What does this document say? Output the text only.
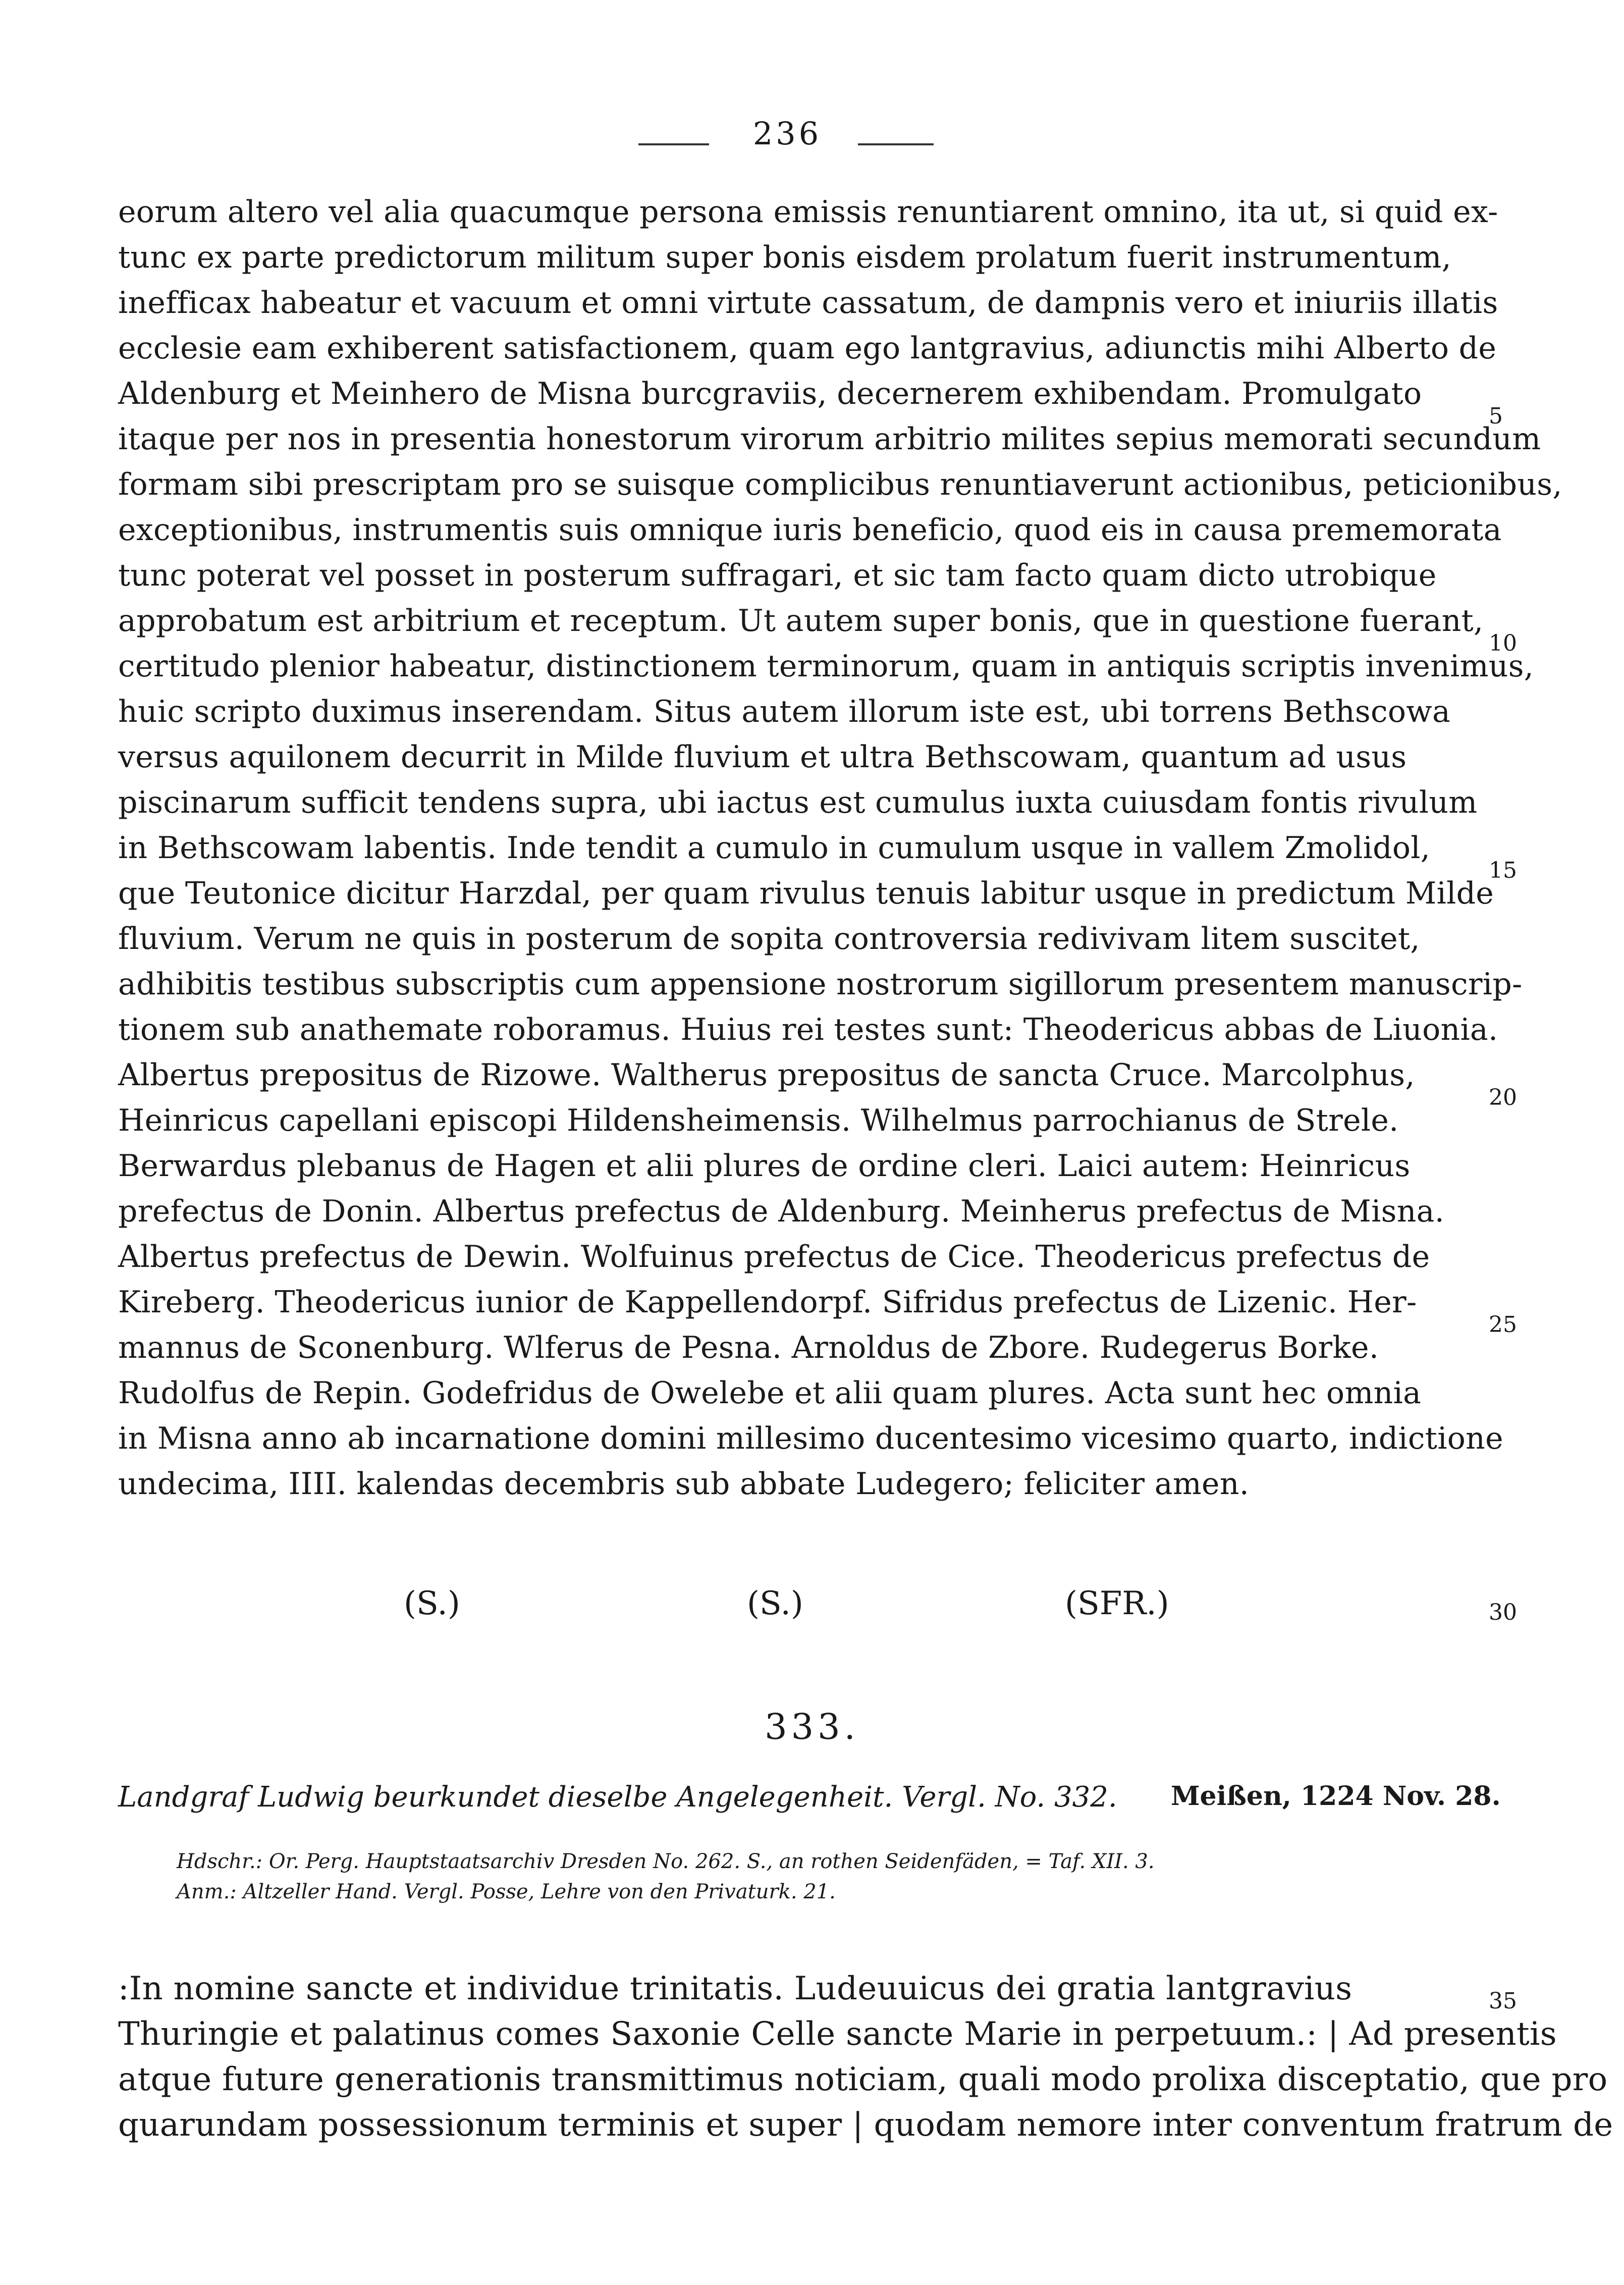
236
eorum altero vel alia quacumque persona emissis renuntiarent omnino, ita ut, si quid ex-
tunc ex parte predictorum militum super bonis eisdem prolatum fuerit instrumentum,
inefficax habeatur et vacuum et omni virtute cassatum, de dampnis vero et iniuriis illatis
ecclesie eam exhiberent satisfactionem, quam ego lantgravius, adiunctis mihi Alberto de
Aldenburg et Meinhero de Misna burcgraviis, decernerem exhibendam. Promulgato
itaque per nos in presentia honestorum virorum arbitrio milites sepius memorati secundum
formam sibi prescriptam pro se suisque complicibus renuntiaverunt actionibus, peticionibus,
exceptionibus, instrumentis suis omnique iuris beneficio, quod eis in causa prememorata
tunc poterat vel posset in posterum suffragari, et sic tam facto quam dicto utrobique
approbatum est arbitrium et receptum. Ut autem super bonis, que in questione fuerant,
certitudo plenior habeatur, distinctionem terminorum, quam in antiquis scriptis invenimus,
huic scripto duximus inserendam. Situs autem illorum iste est, ubi torrens Bethscowa
versus aquilonem decurrit in Milde fluvium et ultra Bethscowam, quantum ad usus
piscinarum sufficit tendens supra, ubi iactus est cumulus iuxta cuiusdam fontis rivulum
in Bethscowam labentis. Inde tendit a cumulo in cumulum usque in vallem Zmolidol,
que Teutonice dicitur Harzdal, per quam rivulus tenuis labitur usque in predictum Milde
fluvium. Verum ne quis in posterum de sopita controversia redivivam litem suscitet,
adhibitis testibus subscriptis cum appensione nostrorum sigillorum presentem manuscrip-
tionem sub anathemate roboramus. Huius rei testes sunt: Theodericus abbas de Liuonia.
Albertus prepositus de Rizowe. Waltherus prepositus de sancta Cruce. Marcolphus,
Heinricus capellani episcopi Hildensheimensis. Wilhelmus parrochianus de Strele.
Berwardus plebanus de Hagen et alii plures de ordine cleri. Laici autem: Heinricus
prefectus de Donin. Albertus prefectus de Aldenburg. Meinherus prefectus de Misna.
Albertus prefectus de Dewin. Wolfuinus prefectus de Cice. Theodericus prefectus de
Kireberg. Theodericus iunior de Kappellendorpf. Sifridus prefectus de Lizenic. Her-
mannus de Sconenburg. Wlferus de Pesna. Arnoldus de Zbore. Rudegerus Borke.
Rudolfus de Repin. Godefridus de Owelebe et alii quam plures. Acta sunt hec omnia
in Misna anno ab incarnatione domini millesimo ducentesimo vicesimo quarto, indictione
undecima, IIII. kalendas decembris sub abbate Ludegero; feliciter amen.
5
10
15
20
25
30
35
(S.)	(S.)	(SFR.)
333.
Landgraf Ludwig beurkundet dieselbe Angelegenheit. Vergl. No. 332. Meißen, 1224 Nov. 28.
Hdschr.: Or. Perg. Hauptstaatsarchiv Dresden No. 262. S., an rothen Seidenfäden, = Taf. XII. 3.
Anm.: Altzeller Hand. Vergl. Posse, Lehre von den Privaturk. 21.
:In nomine sancte et individue trinitatis. Ludeuuicus dei gratia lantgravius
Thuringie et palatinus comes Saxonie Celle sancte Marie in perpetuum.: | Ad presentis
atque future generationis transmittimus noticiam, quali modo prolixa disceptatio, que pro
quarundam possessionum terminis et super | quodam nemore inter conventum fratrum de
